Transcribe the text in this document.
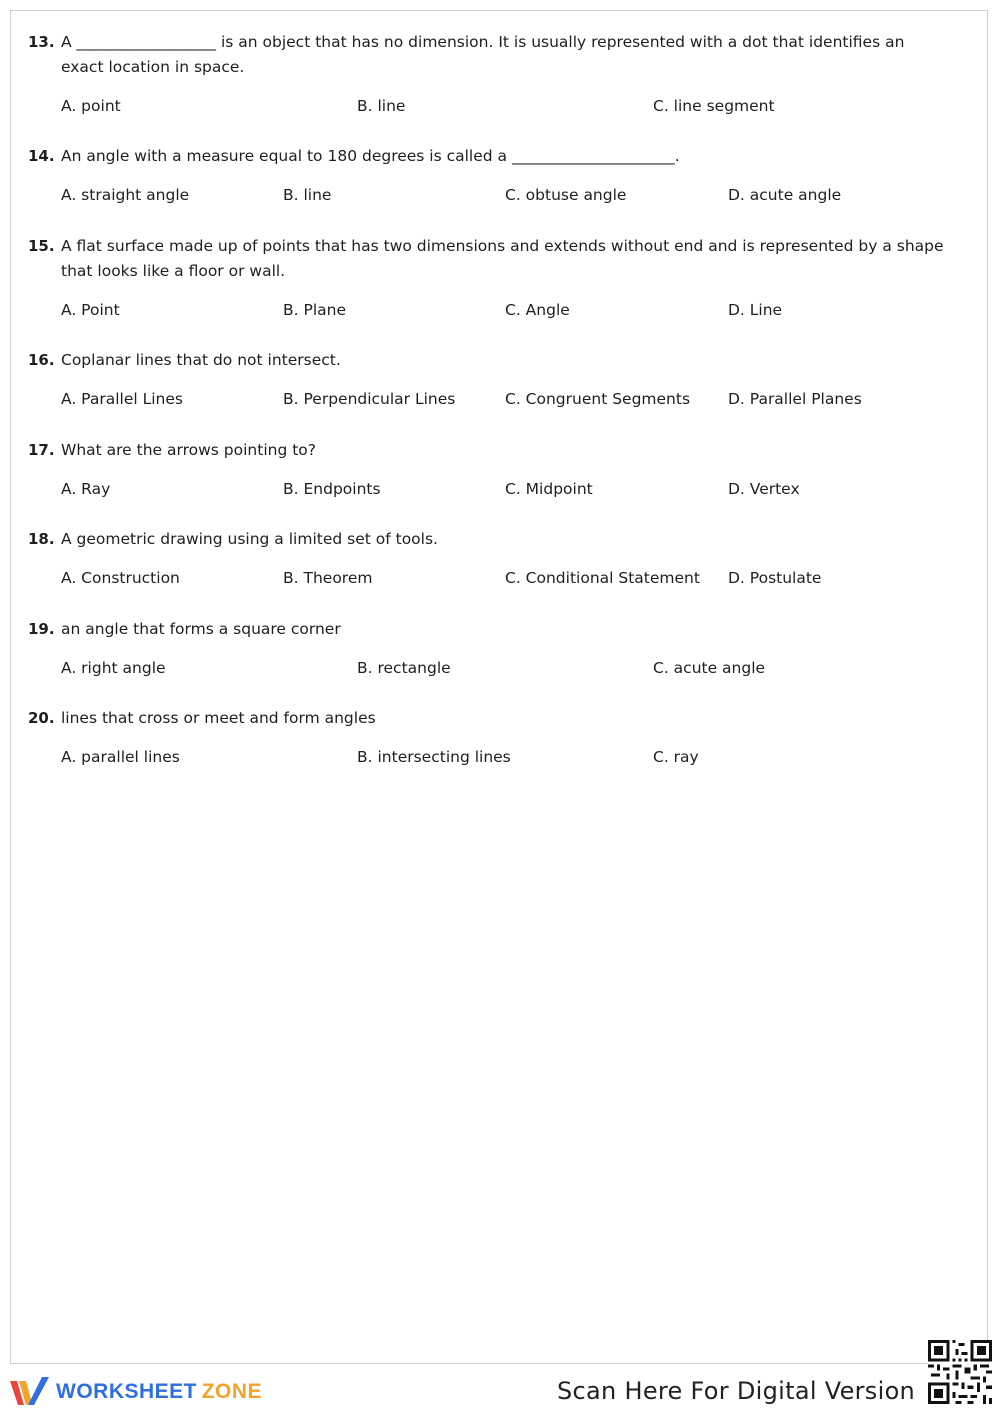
13. A __________________ is an object that has no dimension. It is usually represented with a dot that identifies an exact location in space.
A. point	B. line	C. line segment
14. An angle with a measure equal to 180 degrees is called a _____________________.
A. straight angle	B. line	C. obtuse angle	D. acute angle
15. A flat surface made up of points that has two dimensions and extends without end and is represented by a shape that looks like a floor or wall.
A. Point	B. Plane	C. Angle	D. Line
16. Coplanar lines that do not intersect.
A. Parallel Lines	B. Perpendicular Lines	C. Congruent Segments D. Parallel Planes
17. What are the arrows pointing to?
A. Ray	B. Endpoints	C. Midpoint	D. Vertex
18. A geometric drawing using a limited set of tools.
A. Construction	B. Theorem	C. Conditional Statement D. Postulate
19. an angle that forms a square corner
A. right angle	B. rectangle	C. acute angle
20. lines that cross or meet and form angles
A. parallel lines	B. intersecting lines	C. ray
WORKSHEET  ZONE	Scan Here For Digital Version
